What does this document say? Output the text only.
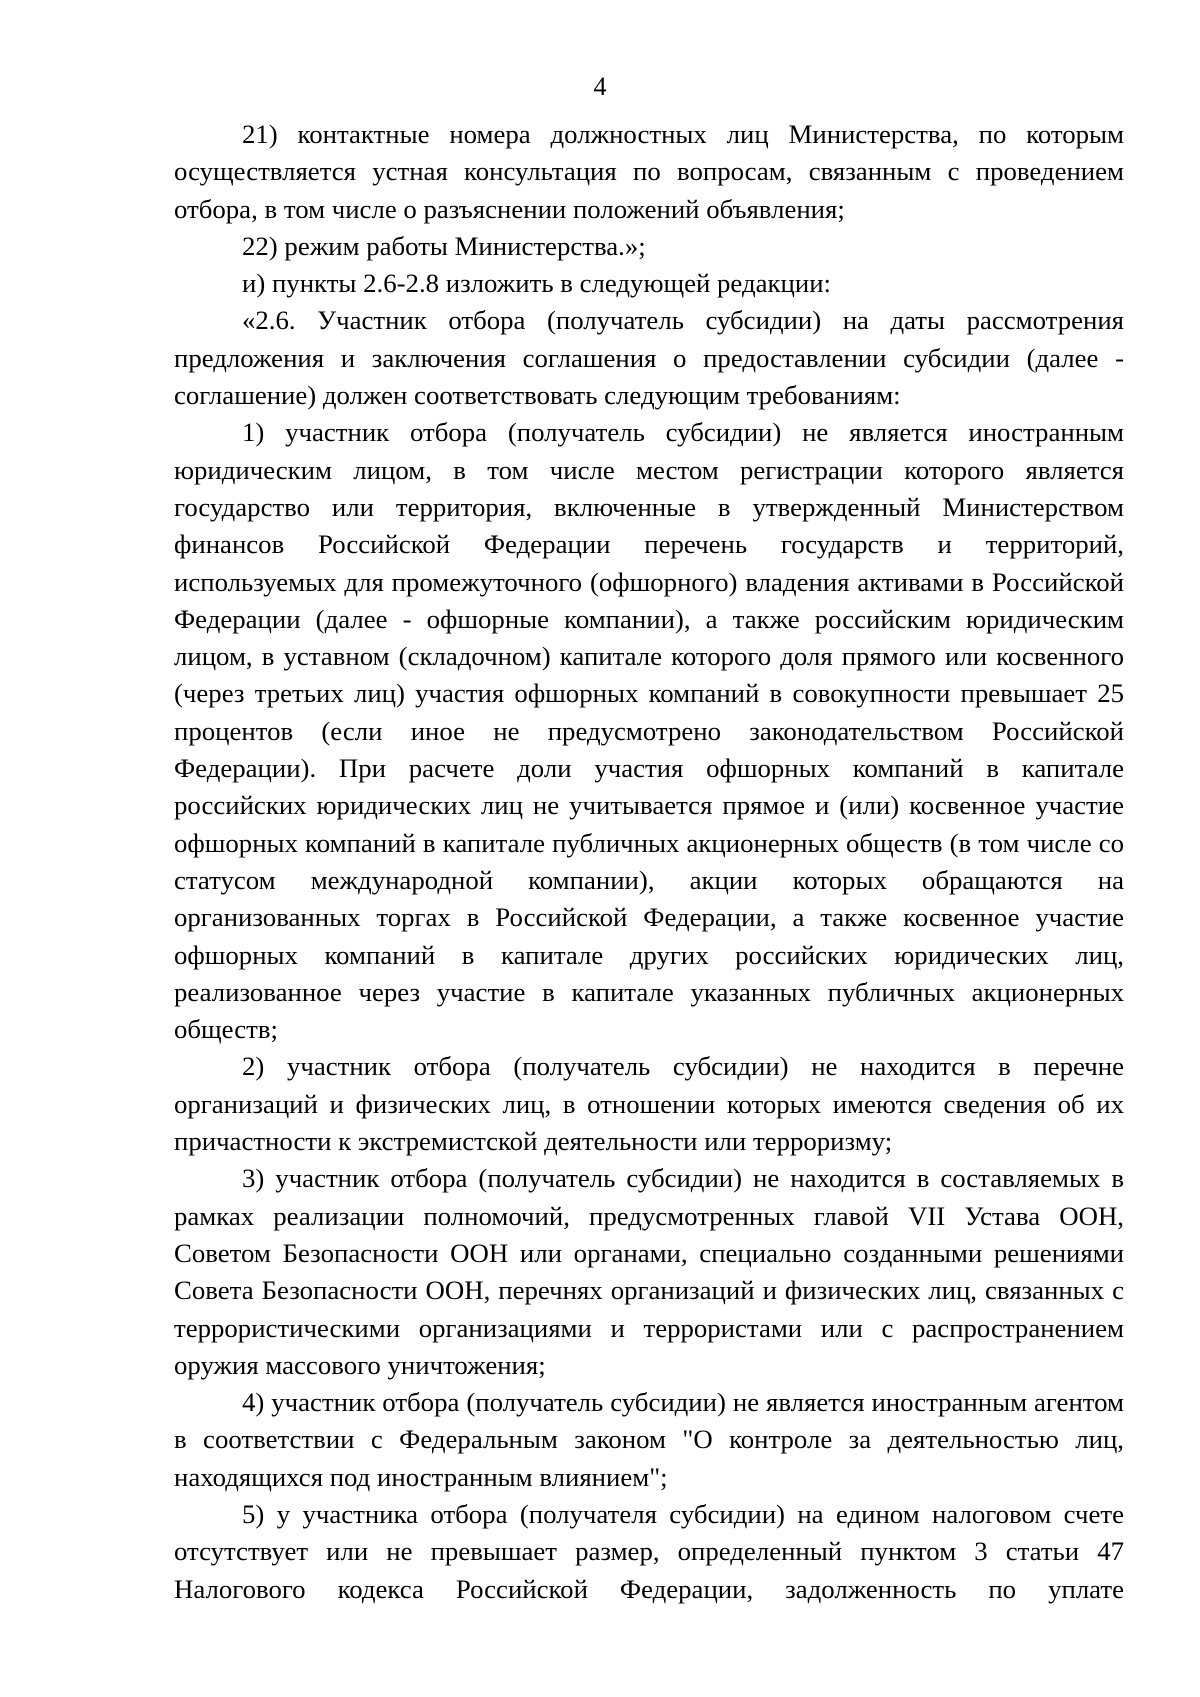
4

21) контактные номера должностных лиц Министерства, по которым осуществляется устная консультация по вопросам, связанным с проведением отбора, в том числе о разъяснении положений объявления;

22) режим работы Министерства.»;

и) пункты 2.6-2.8 изложить в следующей редакции:

«2.6. Участник отбора (получатель субсидии) на даты рассмотрения предложения и заключения соглашения о предоставлении субсидии (далее - соглашение) должен соответствовать следующим требованиям:

1) участник отбора (получатель субсидии) не является иностранным юридическим лицом, в том числе местом регистрации которого является государство или территория, включенные в утвержденный Министерством финансов Российской Федерации перечень государств и территорий, используемых для промежуточного (офшорного) владения активами в Российской Федерации (далее - офшорные компании), а также российским юридическим лицом, в уставном (складочном) капитале которого доля прямого или косвенного (через третьих лиц) участия офшорных компаний в совокупности превышает 25 процентов (если иное не предусмотрено законодательством Российской Федерации). При расчете доли участия офшорных компаний в капитале российских юридических лиц не учитывается прямое и (или) косвенное участие офшорных компаний в капитале публичных акционерных обществ (в том числе со статусом международной компании), акции которых обращаются на организованных торгах в Российской Федерации, а также косвенное участие офшорных компаний в капитале других российских юридических лиц, реализованное через участие в капитале указанных публичных акционерных обществ;

2) участник отбора (получатель субсидии) не находится в перечне организаций и физических лиц, в отношении которых имеются сведения об их причастности к экстремистской деятельности или терроризму;

3) участник отбора (получатель субсидии) не находится в составляемых в рамках реализации полномочий, предусмотренных главой VII Устава ООН, Советом Безопасности ООН или органами, специально созданными решениями Совета Безопасности ООН, перечнях организаций и физических лиц, связанных с террористическими организациями и террористами или с распространением оружия массового уничтожения;

4) участник отбора (получатель субсидии) не является иностранным агентом в соответствии с Федеральным законом "О контроле за деятельностью лиц, находящихся под иностранным влиянием";

5) у участника отбора (получателя субсидии) на едином налоговом счете отсутствует или не превышает размер, определенный пунктом 3 статьи 47 Налогового кодекса Российской Федерации, задолженность по уплате
